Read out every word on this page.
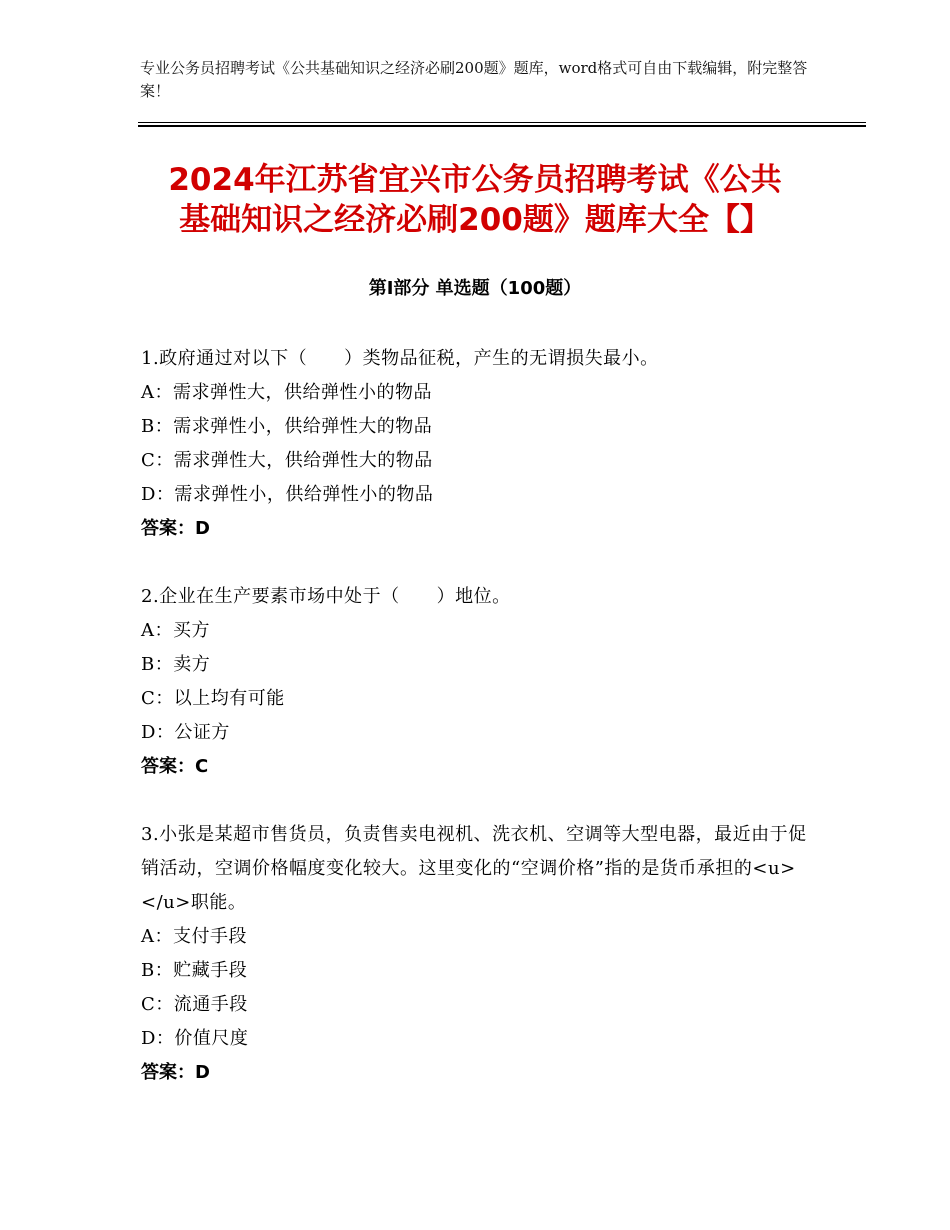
专业公务员招聘考试《公共基础知识之经济必刷200题》题库，word格式可自由下载编辑，附完整答案！
2024年江苏省宜兴市公务员招聘考试《公共
基础知识之经济必刷200题》题库大全【】
第Ⅰ部分 单选题（100题）
1.政府通过对以下（　　）类物品征税，产生的无谓损失最小。
A：需求弹性大，供给弹性小的物品
B：需求弹性小，供给弹性大的物品
C：需求弹性大，供给弹性大的物品
D：需求弹性小，供给弹性小的物品
答案：D
2.企业在生产要素市场中处于（　　）地位。
A：买方
B：卖方
C：以上均有可能
D：公证方
答案：C
3.小张是某超市售货员，负责售卖电视机、洗衣机、空调等大型电器，最近由于促销活动，空调价格幅度变化较大。这里变化的“空调价格”指的是货币承担的<u>　　　　</u>职能。
A：支付手段
B：贮藏手段
C：流通手段
D：价值尺度
答案：D
